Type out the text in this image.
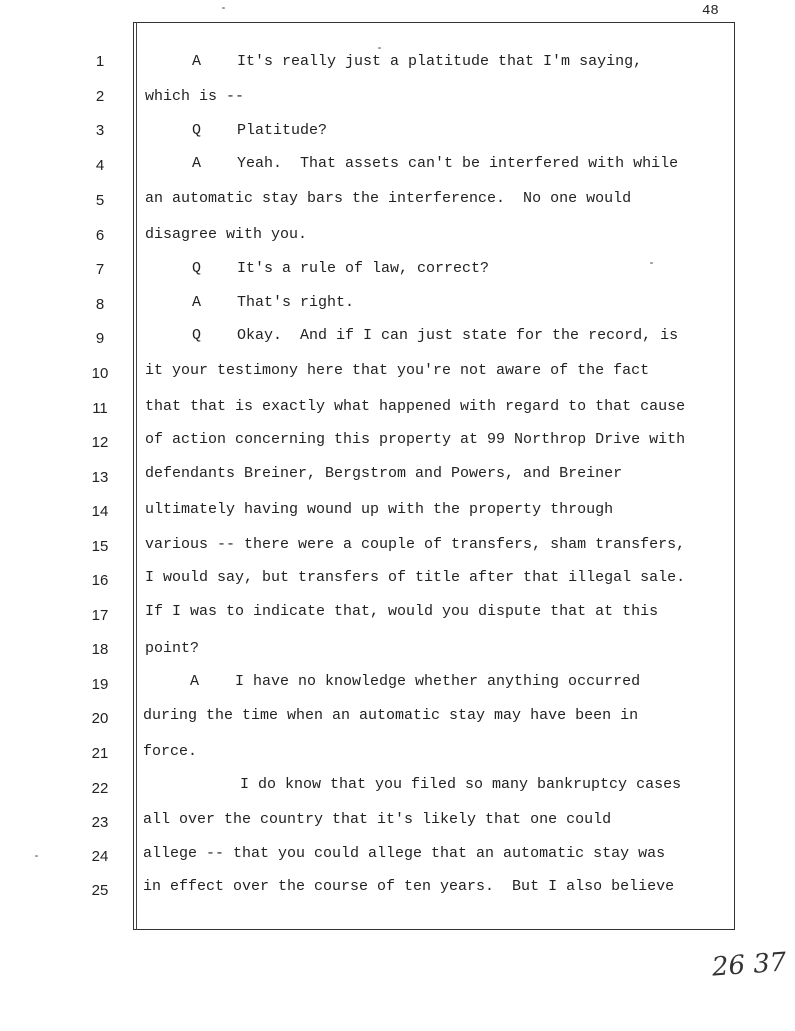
48
1	A    It's really just a platitude that I'm saying,
2	which is --
3	Q    Platitude?
4	A    Yeah.  That assets can't be interfered with while
5	an automatic stay bars the interference.  No one would
6	disagree with you.
7	Q    It's a rule of law, correct?
8	A    That's right.
9	Q    Okay.  And if I can just state for the record, is
10	it your testimony here that you're not aware of the fact
11	that that is exactly what happened with regard to that cause
12	of action concerning this property at 99 Northrop Drive with
13	defendants Breiner, Bergstrom and Powers, and Breiner
14	ultimately having wound up with the property through
15	various -- there were a couple of transfers, sham transfers,
16	I would say, but transfers of title after that illegal sale.
17	If I was to indicate that, would you dispute that at this
18	point?
19	A    I have no knowledge whether anything occurred
20	during the time when an automatic stay may have been in
21	force.
22	I do know that you filed so many bankruptcy cases
23	all over the country that it's likely that one could
24	allege -- that you could allege that an automatic stay was
25	in effect over the course of ten years.  But I also believe
26 37
